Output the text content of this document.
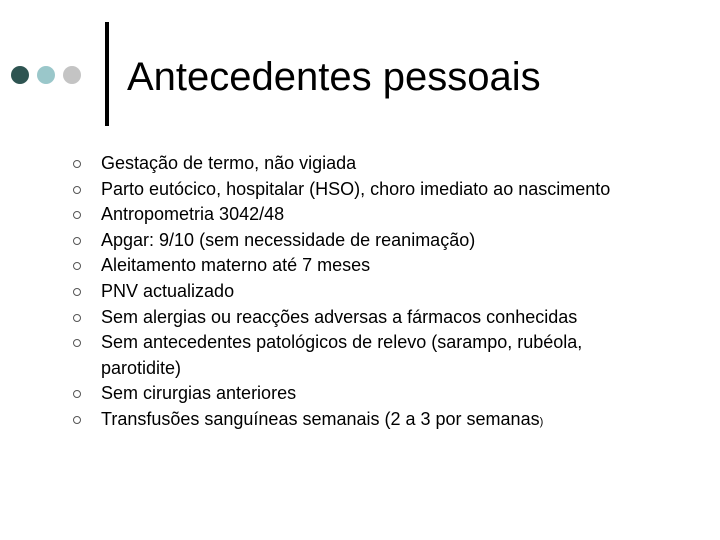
Antecedentes pessoais
Gestação de termo, não vigiada
Parto eutócico, hospitalar (HSO), choro imediato ao nascimento
Antropometria 3042/48
Apgar: 9/10 (sem necessidade de reanimação)
Aleitamento materno até 7 meses
PNV actualizado
Sem alergias ou reacções adversas a fármacos conhecidas
Sem antecedentes patológicos de relevo (sarampo, rubéola,
parotidite)
Sem cirurgias anteriores
Transfusões sanguíneas semanais (2 a 3 por semanas)
